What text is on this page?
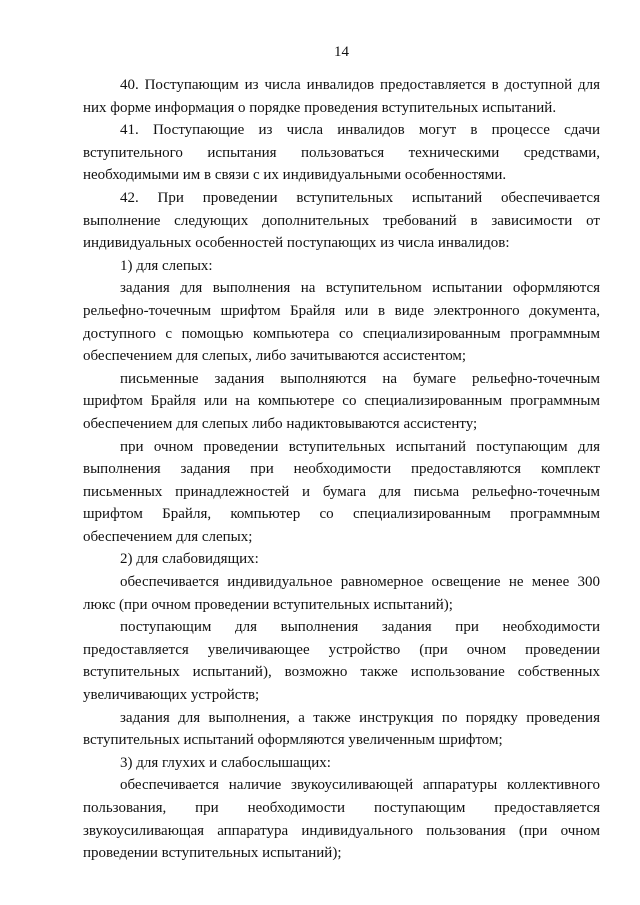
14

40. Поступающим из числа инвалидов предоставляется в доступной для них форме информация о порядке проведения вступительных испытаний.

41. Поступающие из числа инвалидов могут в процессе сдачи вступительного испытания пользоваться техническими средствами, необходимыми им в связи с их индивидуальными особенностями.

42. При проведении вступительных испытаний обеспечивается выполнение следующих дополнительных требований в зависимости от индивидуальных особенностей поступающих из числа инвалидов:

1) для слепых:

задания для выполнения на вступительном испытании оформляются рельефно-точечным шрифтом Брайля или в виде электронного документа, доступного с помощью компьютера со специализированным программным обеспечением для слепых, либо зачитываются ассистентом;

письменные задания выполняются на бумаге рельефно-точечным шрифтом Брайля или на компьютере со специализированным программным обеспечением для слепых либо надиктовываются ассистенту;

при очном проведении вступительных испытаний поступающим для выполнения задания при необходимости предоставляются комплект письменных принадлежностей и бумага для письма рельефно-точечным шрифтом Брайля, компьютер со специализированным программным обеспечением для слепых;

2) для слабовидящих:

обеспечивается индивидуальное равномерное освещение не менее 300 люкс (при очном проведении вступительных испытаний);

поступающим для выполнения задания при необходимости предоставляется увеличивающее устройство (при очном проведении вступительных испытаний), возможно также использование собственных увеличивающих устройств;

задания для выполнения, а также инструкция по порядку проведения вступительных испытаний оформляются увеличенным шрифтом;

3) для глухих и слабослышащих:

обеспечивается наличие звукоусиливающей аппаратуры коллективного пользования, при необходимости поступающим предоставляется звукоусиливающая аппаратура индивидуального пользования (при очном проведении вступительных испытаний);
